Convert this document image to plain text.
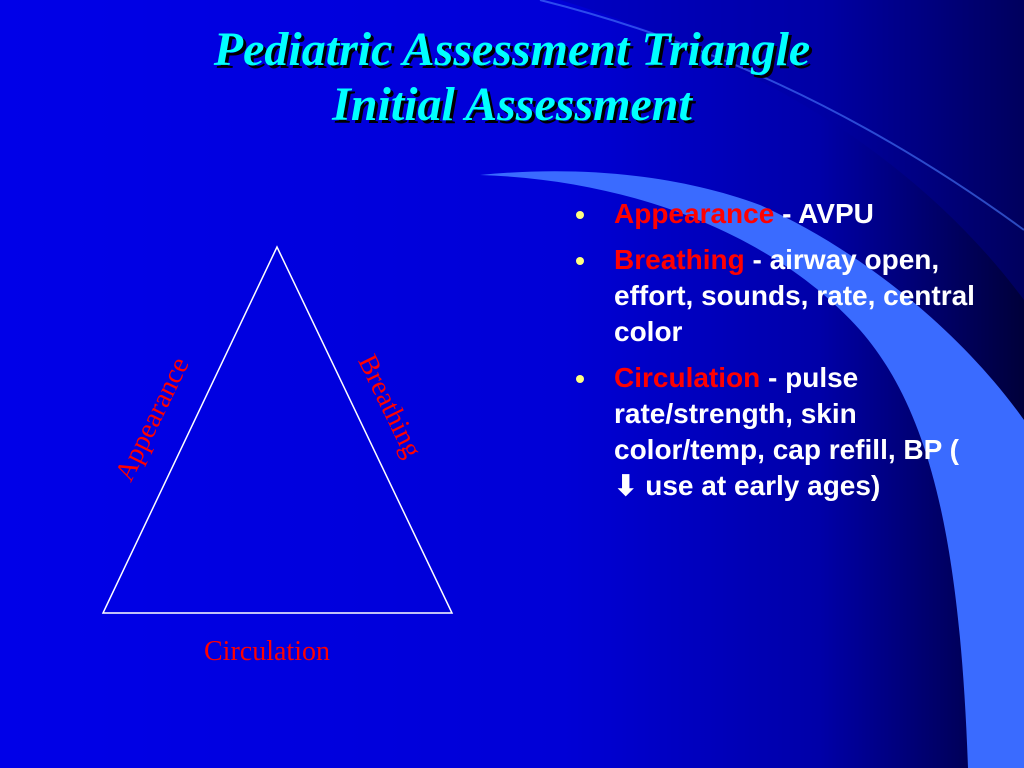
Pediatric Assessment Triangle
Initial Assessment
Appearance	Breathing
Circulation
Appearance - AVPU
Breathing - airway open, effort, sounds, rate, central color
Circulation - pulse rate/strength, skin color/temp, cap refill, BP (⬇ use at early ages)
